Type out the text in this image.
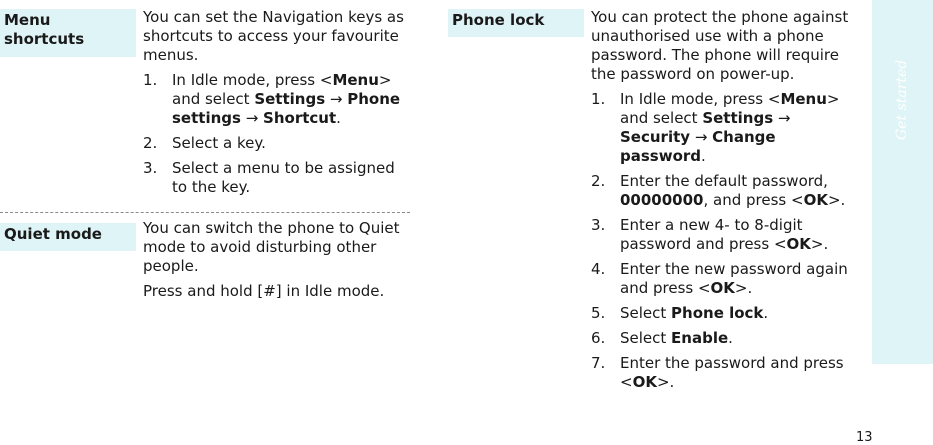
Menu shortcuts

You can set the Navigation keys as shortcuts to access your favourite menus.

1. In Idle mode, press <Menu> and select Settings → Phone settings → Shortcut.
2. Select a key.
3. Select a menu to be assigned to the key.
Quiet mode	You can switch the phone to Quiet mode to avoid disturbing other people.

Press and hold [#] in Idle mode.

Phone lock	You can protect the phone against unauthorised use with a phone password. The phone will require the password on power-up.

1. In Idle mode, press <Menu> and select Settings → Security → Change password.
2. Enter the default password, 00000000, and press <OK>.
3. Enter a new 4- to 8-digit password and press <OK>.
4. Enter the new password again and press <OK>.
5. Select Phone lock.
6. Select Enable.
7. Enter the password and press <OK>.
Get started
13
